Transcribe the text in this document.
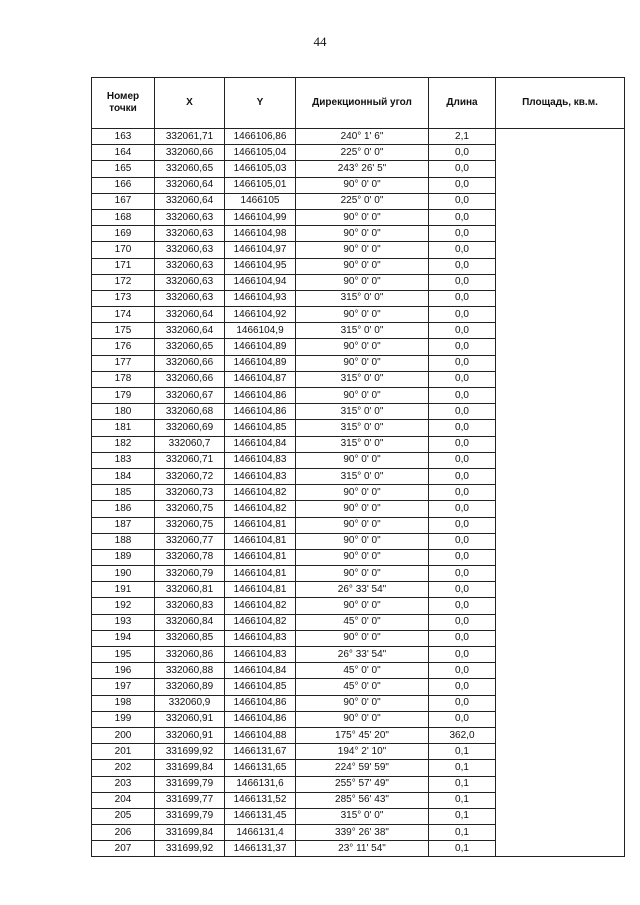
44
Номер точки	X	Y	Дирекционный угол	Длина	Площадь, кв.м.
163	332061,71	1466106,86	240° 1' 6"	2,1	
164	332060,66	1466105,04	225° 0' 0"	0,0	
165	332060,65	1466105,03	243° 26' 5"	0,0	
166	332060,64	1466105,01	90° 0' 0"	0,0	
167	332060,64	1466105	225° 0' 0"	0,0	
168	332060,63	1466104,99	90° 0' 0"	0,0	
169	332060,63	1466104,98	90° 0' 0"	0,0	
170	332060,63	1466104,97	90° 0' 0"	0,0	
171	332060,63	1466104,95	90° 0' 0"	0,0	
172	332060,63	1466104,94	90° 0' 0"	0,0	
173	332060,63	1466104,93	315° 0' 0"	0,0	
174	332060,64	1466104,92	90° 0' 0"	0,0	
175	332060,64	1466104,9	315° 0' 0"	0,0	
176	332060,65	1466104,89	90° 0' 0"	0,0	
177	332060,66	1466104,89	90° 0' 0"	0,0	
178	332060,66	1466104,87	315° 0' 0"	0,0	
179	332060,67	1466104,86	90° 0' 0"	0,0	
180	332060,68	1466104,86	315° 0' 0"	0,0	
181	332060,69	1466104,85	315° 0' 0"	0,0	
182	332060,7	1466104,84	315° 0' 0"	0,0	
183	332060,71	1466104,83	90° 0' 0"	0,0	
184	332060,72	1466104,83	315° 0' 0"	0,0	
185	332060,73	1466104,82	90° 0' 0"	0,0	
186	332060,75	1466104,82	90° 0' 0"	0,0	
187	332060,75	1466104,81	90° 0' 0"	0,0	
188	332060,77	1466104,81	90° 0' 0"	0,0	
189	332060,78	1466104,81	90° 0' 0"	0,0	
190	332060,79	1466104,81	90° 0' 0"	0,0	
191	332060,81	1466104,81	26° 33' 54"	0,0	
192	332060,83	1466104,82	90° 0' 0"	0,0	
193	332060,84	1466104,82	45° 0' 0"	0,0	
194	332060,85	1466104,83	90° 0' 0"	0,0	
195	332060,86	1466104,83	26° 33' 54"	0,0	
196	332060,88	1466104,84	45° 0' 0"	0,0	
197	332060,89	1466104,85	45° 0' 0"	0,0	
198	332060,9	1466104,86	90° 0' 0"	0,0	
199	332060,91	1466104,86	90° 0' 0"	0,0	
200	332060,91	1466104,88	175° 45' 20"	362,0	
201	331699,92	1466131,67	194° 2' 10"	0,1	
202	331699,84	1466131,65	224° 59' 59"	0,1	
203	331699,79	1466131,6	255° 57' 49"	0,1	
204	331699,77	1466131,52	285° 56' 43"	0,1	
205	331699,79	1466131,45	315° 0' 0"	0,1	
206	331699,84	1466131,4	339° 26' 38"	0,1	
207	331699,92	1466131,37	23° 11' 54"	0,1	
